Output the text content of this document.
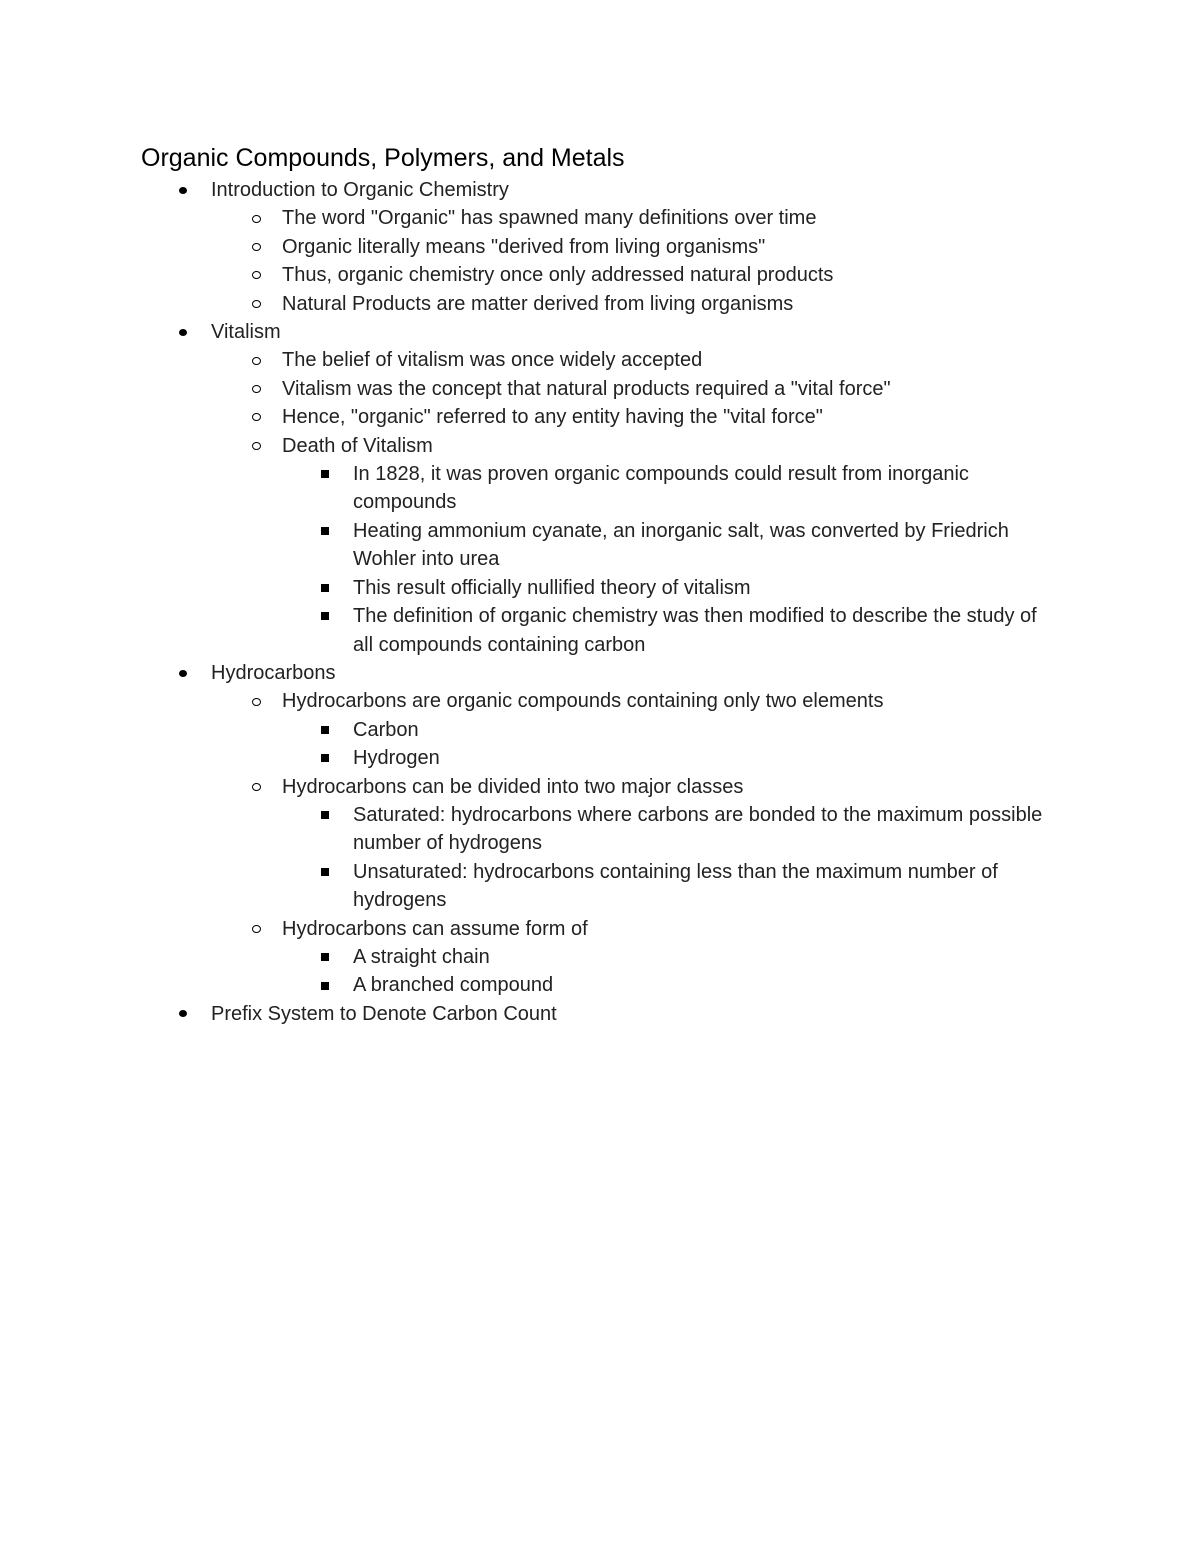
Organic Compounds, Polymers, and Metals
Introduction to Organic Chemistry
The word "Organic" has spawned many definitions over time
Organic literally means "derived from living organisms"
Thus, organic chemistry once only addressed natural products
Natural Products are matter derived from living organisms
Vitalism
The belief of vitalism was once widely accepted
Vitalism was the concept that natural products required a "vital force"
Hence, "organic" referred to any entity having the "vital force"
Death of Vitalism
In 1828, it was proven organic compounds could result from inorganic compounds
Heating ammonium cyanate, an inorganic salt, was converted by Friedrich Wohler into urea
This result officially nullified theory of vitalism
The definition of organic chemistry was then modified to describe the study of all compounds containing carbon
Hydrocarbons
Hydrocarbons are organic compounds containing only two elements
Carbon
Hydrogen
Hydrocarbons can be divided into two major classes
Saturated: hydrocarbons where carbons are bonded to the maximum possible number of hydrogens
Unsaturated: hydrocarbons containing less than the maximum number of hydrogens
Hydrocarbons can assume form of
A straight chain
A branched compound
Prefix System to Denote Carbon Count
